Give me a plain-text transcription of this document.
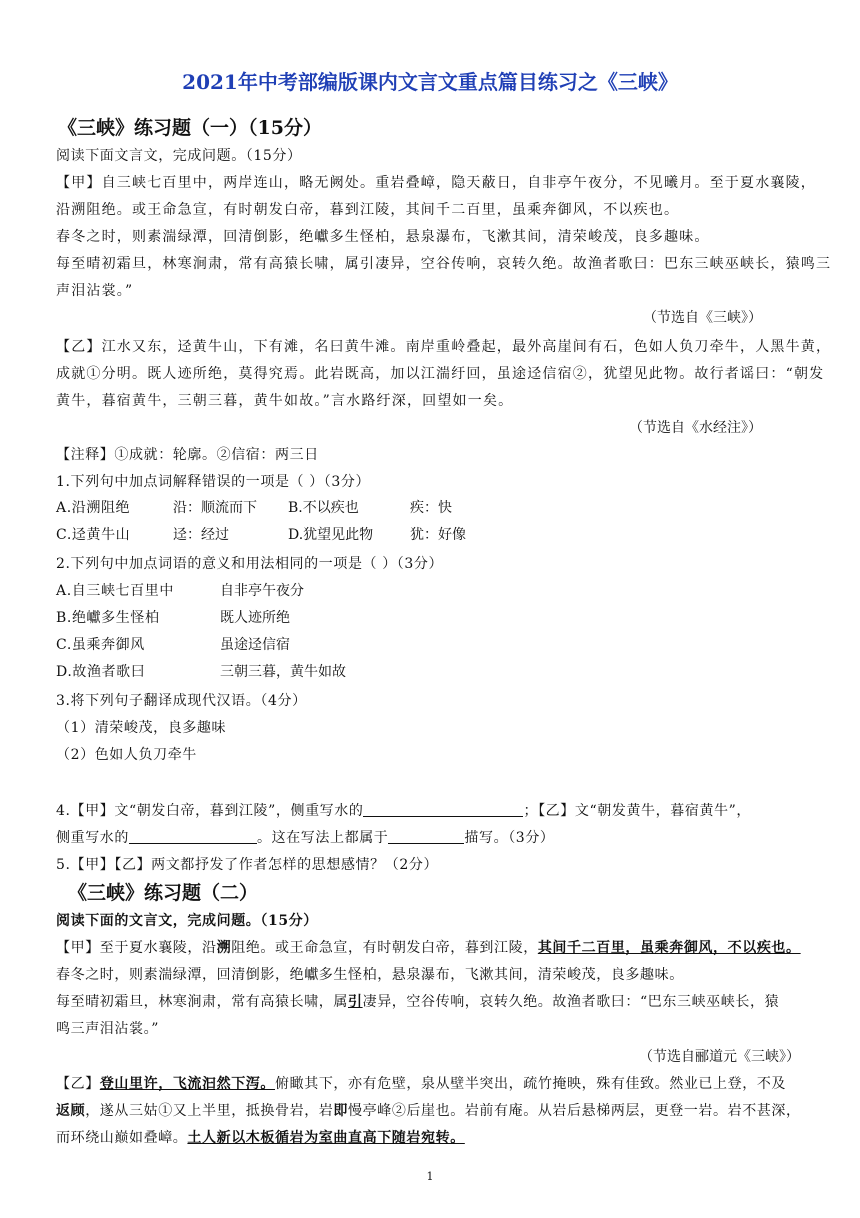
2021年中考部编版课内文言文重点篇目练习之《三峡》
《三峡》练习题（一）（15分）
阅读下面文言文，完成问题。（15分）
【甲】自三峡七百里中，两岸连山，略无阙处。重岩叠嶂，隐天蔽日，自非亭午夜分，不见曦月。至于夏水襄陵，
沿溯阻绝。或王命急宣，有时朝发白帝，暮到江陵，其间千二百里，虽乘奔御风，不以疾也。
春冬之时，则素湍绿潭，回清倒影，绝巘多生怪柏，悬泉瀑布，飞漱其间，清荣峻茂，良多趣味。
每至晴初霜旦，林寒涧肃，常有高猿长啸，属引凄异，空谷传响，哀转久绝。故渔者歌曰：巴东三峡巫峡长，猿鸣三
声泪沾裳。”
（节选自《三峡》）
【乙】江水又东，迳黄牛山，下有滩，名曰黄牛滩。南岸重岭叠起，最外高崖间有石，色如人负刀牵牛，人黑牛黄，
成就①分明。既人迹所绝，莫得究焉。此岩既高，加以江湍纡回，虽途迳信宿②，犹望见此物。故行者谣曰：“朝发
黄牛，暮宿黄牛，三朝三暮，黄牛如故。”言水路纡深，回望如一矣。
（节选自《水经注》）
【注释】①成就：轮廓。②信宿：两三日
1.下列句中加点词解释错误的一项是（ ）（3分）
A.沿溯阻绝	沿：顺流而下 B.不以疾也	疾：快
C.迳黄牛山	迳：经过	D.犹望见此物	犹：好像
2.下列句中加点词语的意义和用法相同的一项是（ ）（3分）
A.自三峡七百里中	自非亭午夜分
B.绝巘多生怪柏	既人迹所绝
C.虽乘奔御风	虽途迳信宿
D.故渔者歌曰	三朝三暮，黄牛如故
3.将下列句子翻译成现代汉语。（4分）
（1）清荣峻茂，良多趣味
（2）色如人负刀牵牛
4.【甲】文“朝发白帝，暮到江陵”，侧重写水的	；【乙】文“朝发黄牛，暮宿黄牛”，
侧重写水的	。这在写法上都属于	描写。（3分）
5.【甲】【乙】两文都抒发了作者怎样的思想感情？（2分）
《三峡》练习题（二）
阅读下面的文言文，完成问题。（15分）
【甲】至于夏水襄陵，沿溯阻绝。或王命急宣，有时朝发白帝，暮到江陵，其间千二百里，虽乘奔御风，不以疾也。
春冬之时，则素湍绿潭，回清倒影，绝巘多生怪柏，悬泉瀑布，飞漱其间，清荣峻茂，良多趣味。
每至晴初霜旦，林寒涧肃，常有高猿长啸，属引凄异，空谷传响，哀转久绝。故渔者歌曰：“巴东三峡巫峡长，猿
鸣三声泪沾裳。”
（节选自郦道元《三峡》）
【乙】登山里许，飞流汩然下泻。俯瞰其下，亦有危壁，泉从壁半突出，疏竹掩映，殊有佳致。然业已上登，不及
返顾，遂从三姑①又上半里，抵换骨岩，岩即慢亭峰②后崖也。岩前有庵。从岩后悬梯两层，更登一岩。岩不甚深，
而环绕山巅如叠嶂。土人新以木板循岩为室曲直高下随岩宛转。
1
